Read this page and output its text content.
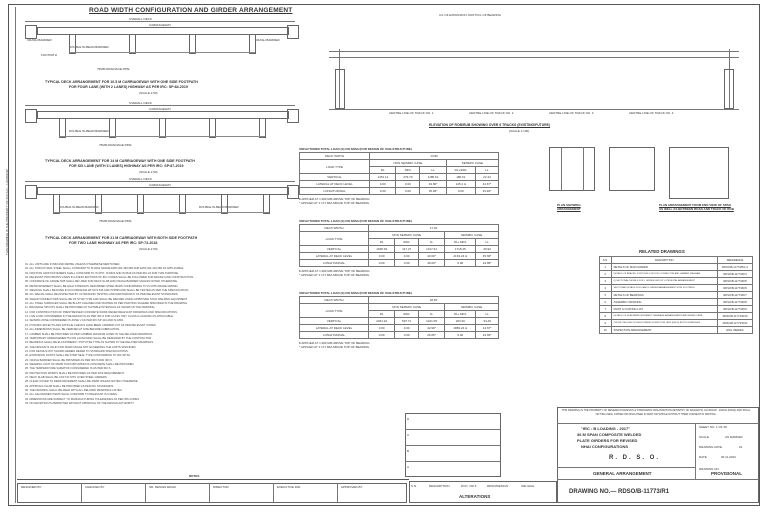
THIS DRAWING IS THE PROPERTY OF R.D.S.O. - LUCKNOW
ROAD WIDTH CONFIGURATION AND GIRDER ARRANGEMENT
OVERALL DECK
CRASH BARRIER	CRASH BARRIER
CARRIAGEWAY
DOUBLE W-BEAM BARRIER
FOOTPATH
75MM DRAINAGE PIPE
TYPICAL DECK ARRANGEMENT FOR 10.5 M CARRIAGEWAY WITH ONE SIDE FOOTPATH
FOR FOUR LANE (WITH 2 LANES) HIGHWAY AS PER IRC: SP:84-2019
(SCALE 1:50)
OVERALL DECK
CARRIAGEWAY
DOUBLE W-BEAM BARRIER
75MM DRAINAGE PIPE
TYPICAL DECK ARRANGEMENT FOR 14 M CARRIAGEWAY WITH ONE SIDE FOOTPATH
FOR SIX LANE (WITH 3 LANES) HIGHWAY AS PER IRC: SP:87-2019
(SCALE 1:50)
OVERALL DECK
CARRIAGEWAY
DOUBLE W-BEAM BARRIER	DOUBLE W-BEAM BARRIER
75MM DRAINAGE PIPE
TYPICAL DECK ARRANGEMENT FOR 21 M CARRIAGEWAY WITH BOTH SIDE FOOTPATH
FOR TWO LANE HIGHWAY AS PER IRC: SP:73-2018
(SCALE 1:50)
C/L OF EXPANSION JOINT/C/L OF BEARING
CENTRE LINE OF TRACK NO. 1	CENTRE LINE OF TRACK NO. 2	CENTRE LINE OF TRACK NO. 3	CENTRE LINE OF TRACK NO. 4
ELEVATION OF ROB/RUB SHOWING OVER 6 TRACKS (EXISTING/FUTURE)
(SCALE 1:100)
UNFACTORED TOTAL LOAD (S) ON SPAN (FOR DESIGN OF SUB-STRUCTURE)
DECK WIDTH	13.80				
LOAD TYPE	NON SEISMIC CASE			SEISMIC CASE	
	DL	SIDL	LL	DL+SIDL	LL
VERTICAL	1451.11	279.79	1185.61	186.61	22.44
LATERAL AT DECK LEVEL	0.00	0.00	43.60*	145.2 &	44.67*
LONGITUDINAL	0.00	0.00	35.92*	0.00	23.94*
$ APPLIED AT 1.960 MM ABOVE TOP OF BEARING
* APPLIED AT 1.171 MM ABOVE TOP OF BEARING
UNFACTORED TOTAL LOAD (S) ON SPAN (FOR DESIGN OF SUB-STRUCTURE)
DECK WIDTH	17.30				
LOAD TYPE	NON SEISMIC CASE			SEISMIC CASE	
	DL	SIDL	LL	DL+SIDL	LL
VERTICAL	1938.49	417.27	1317.61	1718.45	29.92
LATERAL AT DECK LEVEL	0.00	0.00	43.60*	2163.24 &	45.66*
LONGITUDINAL	0.00	0.00	46.60*	0.00	24.86*
$ APPLIED AT 1.960 MM ABOVE TOP OF BEARING
* APPLIED AT 1.171 MM ABOVE TOP OF BEARING
UNFACTORED TOTAL LOAD (S) ON SPAN (FOR DESIGN OF SUB-STRUCTURE)
DECK WIDTH	18.50				
LOAD TYPE	NON SEISMIC CASE			SEISMIC CASE	
	DL	SIDL	LL	DL+SIDL	LL
VERTICAL	2461.91	597.71	1241.05	183.30	34.49
LATERAL AT DECK LEVEL	0.00	0.00	42.99*	1883.24 &	44.67*
LONGITUDINAL	0.00	0.00	26.66*	0.00	24.66*
$ APPLIED AT 1.960 MM ABOVE TOP OF BEARING
* APPLIED AT 1.171 MM ABOVE TOP OF BEARING
PLAN SHOWING
ARRANGEMENT
PLAN ARRANGEMENT FROM END VIEW OF SPAN
AS WELL AS BETWEEN ROAD AND TRACK OF ROB
RELATED DRAWINGS
S.N.	DESCRIPTION	REFERENCE
1	DETAILS OF MAIN GIRDER	RDSO/B-11773/R/1-3
2	DETAILS OF BRACED JOINT (FIELD SPLICE) CONNECTOR AND CAMBER DIAGRAM	RDSO/B-11773/R/4
3	(I) SECTIONAL DETAILS FOR I- GIRDER LAYOUT & PEDESTAL ARRANGEMENT	RDSO/B-11773/R/5
4	SECTIONAL DETAILS FOR 4 AND 6 GIRDER ARRANGEMENT WITH FOOTPATH	RDSO/B-11773/R/6
5	DETAILS OF BEARINGS	RDSO/B-11773/R/7
6	ASSEMBLY DRAWING	RDSO/B-11773/R/8
7	PAINT & COATING LIST	RDSO/B-11773/R/9
8	DETAILS OF SLAB REINFORCEMENT, DRAINAGE ARRANGEMENT AND RAISED KERB	RDSO/B-11773/R/10
9	CROSS TIES USE OF HIGH STRENGTH FRICTION GRIP (HSFG) BOLTS IN BRIDGES	RDSO/B-11773/R/11
10	INSPECTION ARRANGEMENT	ENG./SERIES
01. ALL UNITS ARE IN MM AND METRE UNLESS OTHERWISE MENTIONED.
02. ALL STRUCTURAL STEEL SHALL CONFORM TO IS:2062 GRADE E350 (FE 490) BR AND E250 (FE 410) BR AS APPLICABLE.
03. FRICTION GRIP FASTENERS SHALL CONFORM TO IS:3757, IS:6623 AND IS:6649 AS PER IRC:24 FOR THIS PURPOSE.
04. RELEVANT PROVISIONS GIVEN IN LATEST EDITIONS OF IRC CODES SHALL BE FOLLOWED FOR DESIGN AND CONSTRUCTION.
05. CONCRETE OF GRADE M35 SHALL BE USED FOR DECK SLAB AND CRASH BARRIER UNLESS NOTED OTHERWISE.
06. REINFORCEMENT SHALL BE HIGH STRENGTH DEFORMED STEEL BARS CONFORMING TO IS:1786 GRADE FE500D.
07. WELDING SHALL BE DONE IN ACCORDANCE WITH IS:816 AND IS:9595 AND SHALL BE TESTED AS PER THE SPECIFICATION.
08. ALL WELDS SHALL BE INSPECTED BY ULTRASONIC TESTING AND RADIOGRAPHY AS PER RELEVANT STANDARDS.
09. SHEAR CONNECTORS SHALL BE OF STUD TYPE AND SHALL BE WELDED USING APPROVED STUD WELDING EQUIPMENT.
10. ALL STEEL SURFACES SHALL BE BLAST CLEANED AND PAINTED AS PER PAINTING SCHEME SPECIFIED IN THE DRAWING.
11. DRAINAGE SPOUTS SHALL BE PROVIDED AT SUITABLE INTERVALS AS SHOWN IN THE DRAWING.
12. FOR CONSTRUCTION OF PRESTRESSED CONCRETE WORK REFER RELEVANT DRAWINGS AND SPECIFICATIONS.
13. LIVE LOAD CONSIDERED IN THE DESIGN IS AS PER IRC:6 FOR CLASS 70R / CLASS A LOADING AS APPLICABLE.
14. SEISMIC ZONE CONSIDERED IS ZONE V AS PER IRC:SP:114 AND IS:1893.
15. DYNAMIC EFFECTS AND FATIGUE CHECKS HAVE BEEN CARRIED OUT AS PER RELEVANT CODES.
16. ALL DIMENSIONS SHALL BE VERIFIED AT SITE BEFORE FABRICATION.
17. CAMBER SHALL BE PROVIDED AS PER CAMBER DIAGRAM GIVEN IN THE RELATED DRAWINGS.
18. TEMPORARY ARRANGEMENTS FOR LAUNCHING SHALL BE DESIGNED BY THE CONTRACTOR.
19. BEARINGS SHALL BE ELASTOMERIC / POT-PTFE TYPE AS SHOWN IN THE RELATED DRAWINGS.
20. THE DESIGN IS VALID FOR SKEW ANGLE NOT EXCEEDING THE LIMITS SPECIFIED.
21. FOR DETAILS NOT SHOWN HEREIN REFER TO STANDARD SPECIFICATIONS.
22. EXPANSION JOINTS SHALL BE STRIP SEAL TYPE CONFORMING TO IRC:SP:69.
23. CRASH BARRIER SHALL BE PROVIDED AS PER IRC:5 AND IRC:6.
24. WEARING COAT OF 65MM THICK BITUMINOUS CONCRETE SHALL BE PROVIDED.
25. THE TEMPERATURE VARIATION CONSIDERED IS AS PER IRC:6.
26. PROTECTION WORKS SHALL BE PROVIDED AS PER SITE REQUIREMENT.
27. DECK SLAB SHALL BE CAST IN SITU OVER STEEL GIRDERS.
28. CLEAR COVER TO REINFORCEMENT SHALL BE 40MM UNLESS NOTED OTHERWISE.
29. APPROACH SLAB SHALL BE PROVIDED AS PER IRC STANDARDS.
30. THE DRAWING SHALL BE READ WITH ALL RELATED DRAWINGS LISTED.
31. ALL GALVANISED ITEMS SHALL CONFORM TO RELEVANT IS CODES.
32. DIMENSIONS ARE SUBJECT TO MANUFACTURING TOLERANCES AS PER IRS CODES.
33. NO DEVIATION IS PERMITTED WITHOUT APPROVAL OF THE DESIGN AUTHORITY.
D
C
B
A
NOTES
DESIGNED BY	CHECKED BY	SR. DESIGN ENGR	DIRECTOR	EXECUTIVE DIR.	APPROVED BY	S.N.	DESCRIPTION	DOC. OR Z	RDSO/DESIGN	CRL/HAG
ALTERATIONS
THIS DRAWING IS THE PROPERTY OF RESEARCH DESIGNS & STANDARDS ORGANISATION (MINISTRY OF RAILWAYS) LUCKNOW - 226011 (INDIA) AND SHALL NOT BE USED, COPIED OR DISCLOSED IN PART OR WHOLE WITHOUT THEIR CONSENT IN WRITING.
"IRC : B LOADING - 2017"
36 M SPAN COMPOSITE WELDED
PLATE GIRDERS FOR REVISED
NHAI CONFIGURATIONS
SHEET NO. 1 OF 28
SCALE	AS MARKED
DRAWING DATE	01
DATE	30.11.2023
R. D. S. O.
DRAWING NO.
PROVISIONAL
GENERAL ARRANGEMENT
DRAWING NO.— RDSO/B-11773/R1
